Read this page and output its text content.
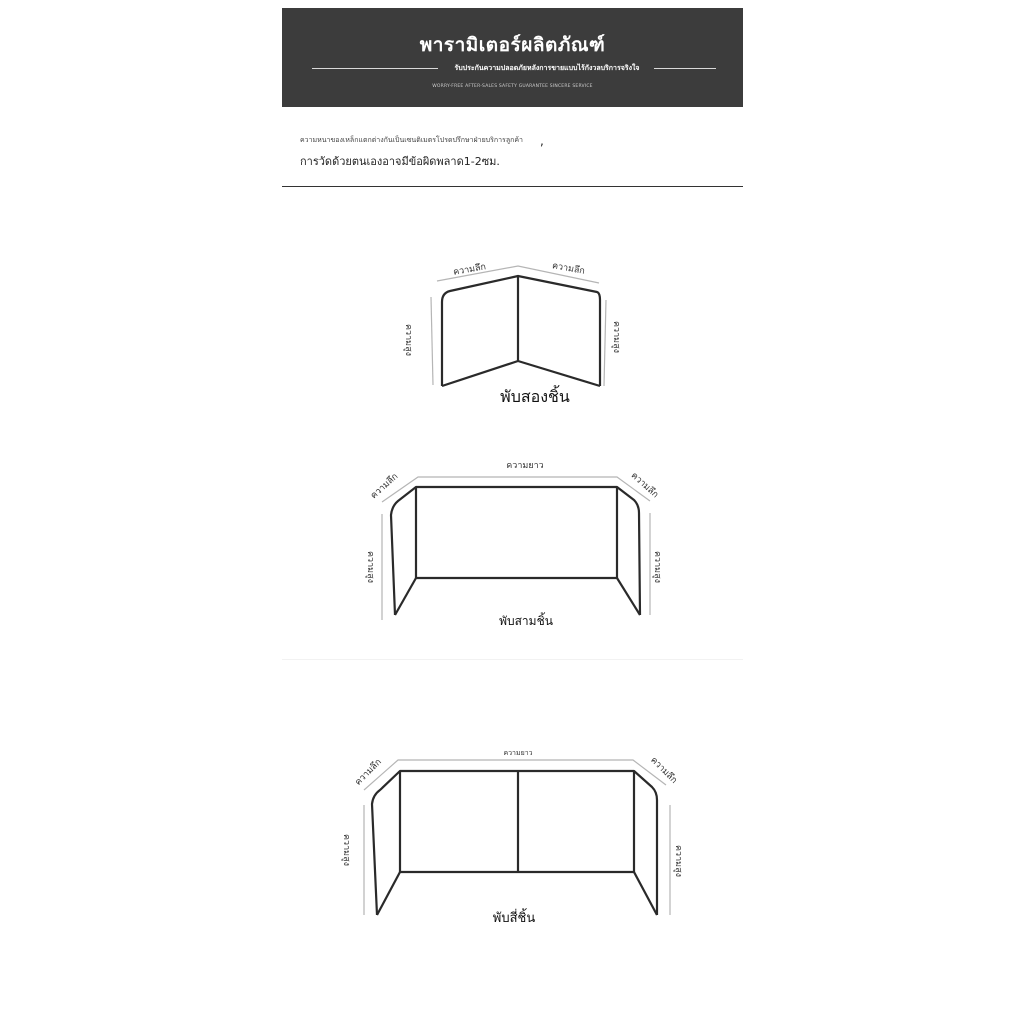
พารามิเตอร์ผลิตภัณฑ์
รับประกันความปลอดภัยหลังการขายแบบไร้กังวลบริการจริงใจ
WORRY-FREE AFTER-SALES SAFETY GUARANTEE SINCERE SERVICE
ความหนาของเหล็กแตกต่างกันเป็นเซนติเมตรโปรดปรึกษาฝ่ายบริการลูกค้า ,
การวัดด้วยตนเองอาจมีข้อผิดพลาด1-2ซม.
ความลึก	ความลึก
ความสูง	ความสูง
พับสองชิ้น
ความยาว
ความลึก	ความลึก
ความสูง	ความสูง
พับสามชิ้น
ความยาว
ความลึก	ความลึก
ความสูง	ความสูง
พับสี่ชิ้น
